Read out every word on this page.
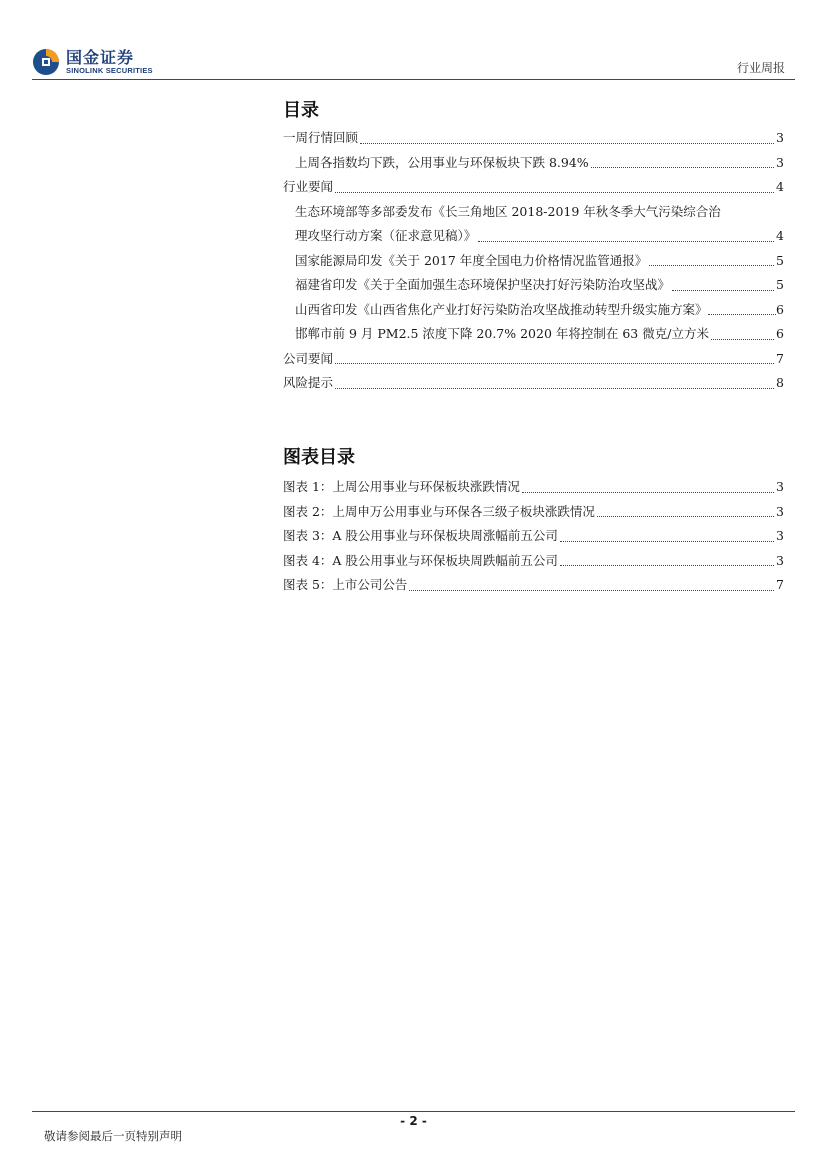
国金证券
SINOLINK SECURITIES	行业周报
目录
一周行情回顾	3
上周各指数均下跌，公用事业与环保板块下跌 8.94%	3
行业要闻	4
生态环境部等多部委发布《长三角地区 2018-2019 年秋冬季大气污染综合治
理攻坚行动方案（征求意见稿）》	4
国家能源局印发《关于 2017 年度全国电力价格情况监管通报》	5
福建省印发《关于全面加强生态环境保护坚决打好污染防治攻坚战》	5
山西省印发《山西省焦化产业打好污染防治攻坚战推动转型升级实施方案》	6
邯郸市前 9 月 PM2.5 浓度下降 20.7% 2020 年将控制在 63 微克/立方米	6
公司要闻	7
风险提示	8
图表目录
图表 1：上周公用事业与环保板块涨跌情况	3
图表 2：上周申万公用事业与环保各三级子板块涨跌情况	3
图表 3：A 股公用事业与环保板块周涨幅前五公司	3
图表 4：A 股公用事业与环保板块周跌幅前五公司	3
图表 5：上市公司公告	7
- 2 -
敬请参阅最后一页特别声明
